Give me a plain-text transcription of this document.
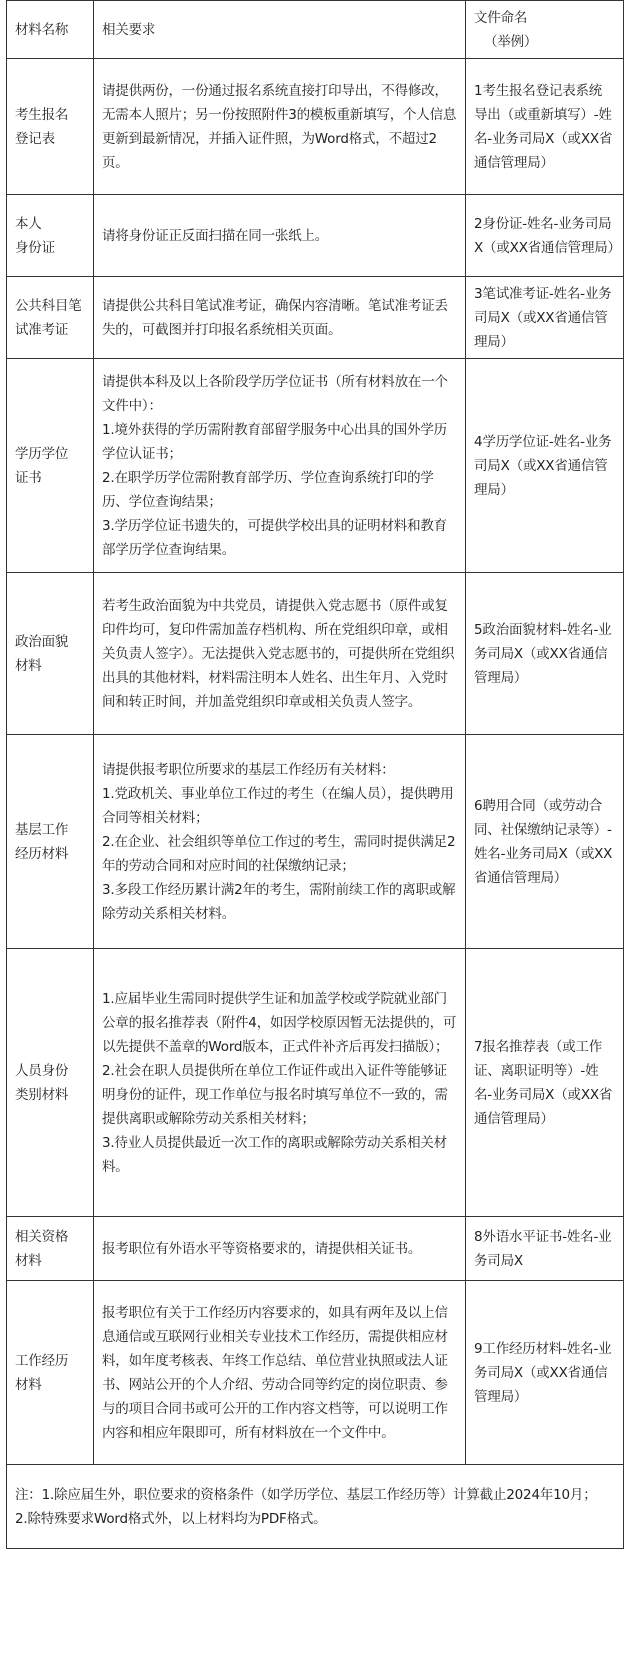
材料名称	相关要求	文件命名
（举例）

考生报名
登记表	请提供两份，一份通过报名系统直接打印导出，不得修改，无需本人照片；另一份按照附件3的模板重新填写，个人信息更新到最新情况，并插入证件照，为Word格式，不超过2页。	1考生报名登记表系统导出（或重新填写）-姓名-业务司局X（或XX省通信管理局）
本人
身份证	请将身份证正反面扫描在同一张纸上。	2身份证-姓名-业务司局X（或XX省通信管理局）
公共科目笔试准考证	请提供公共科目笔试准考证，确保内容清晰。笔试准考证丢失的，可截图并打印报名系统相关页面。	3笔试准考证-姓名-业务司局X（或XX省通信管理局）
学历学位
证书	请提供本科及以上各阶段学历学位证书（所有材料放在一个文件中）：
1.境外获得的学历需附教育部留学服务中心出具的国外学历学位认证书；
2.在职学历学位需附教育部学历、学位查询系统打印的学历、学位查询结果；
3.学历学位证书遗失的，可提供学校出具的证明材料和教育部学历学位查询结果。	4学历学位证-姓名-业务司局X（或XX省通信管理局）
政治面貌
材料	若考生政治面貌为中共党员，请提供入党志愿书（原件或复印件均可，复印件需加盖存档机构、所在党组织印章，或相关负责人签字）。无法提供入党志愿书的，可提供所在党组织出具的其他材料，材料需注明本人姓名、出生年月、入党时间和转正时间，并加盖党组织印章或相关负责人签字。	5政治面貌材料-姓名-业务司局X（或XX省通信管理局）
基层工作
经历材料	请提供报考职位所要求的基层工作经历有关材料：
1.党政机关、事业单位工作过的考生（在编人员），提供聘用合同等相关材料；
2.在企业、社会组织等单位工作过的考生，需同时提供满足2年的劳动合同和对应时间的社保缴纳记录；
3.多段工作经历累计满2年的考生，需附前续工作的离职或解除劳动关系相关材料。	6聘用合同（或劳动合同、社保缴纳记录等）-姓名-业务司局X（或XX省通信管理局）
人员身份
类别材料	1.应届毕业生需同时提供学生证和加盖学校或学院就业部门公章的报名推荐表（附件4，如因学校原因暂无法提供的，可以先提供不盖章的Word版本，正式件补齐后再发扫描版）；
2.社会在职人员提供所在单位工作证件或出入证件等能够证明身份的证件，现工作单位与报名时填写单位不一致的，需提供离职或解除劳动关系相关材料；
3.待业人员提供最近一次工作的离职或解除劳动关系相关材料。	7报名推荐表（或工作证、离职证明等）-姓名-业务司局X（或XX省通信管理局）
相关资格
材料	报考职位有外语水平等资格要求的，请提供相关证书。	8外语水平证书-姓名-业务司局X
工作经历
材料	报考职位有关于工作经历内容要求的，如具有两年及以上信息通信或互联网行业相关专业技术工作经历，需提供相应材料，如年度考核表、年终工作总结、单位营业执照或法人证书、网站公开的个人介绍、劳动合同等约定的岗位职责、参与的项目合同书或可公开的工作内容文档等，可以说明工作内容和相应年限即可，所有材料放在一个文件中。	9工作经历材料-姓名-业务司局X（或XX省通信管理局）

注：1.除应届生外，职位要求的资格条件（如学历学位、基层工作经历等）计算截止2024年10月；
2.除特殊要求Word格式外，以上材料均为PDF格式。		
